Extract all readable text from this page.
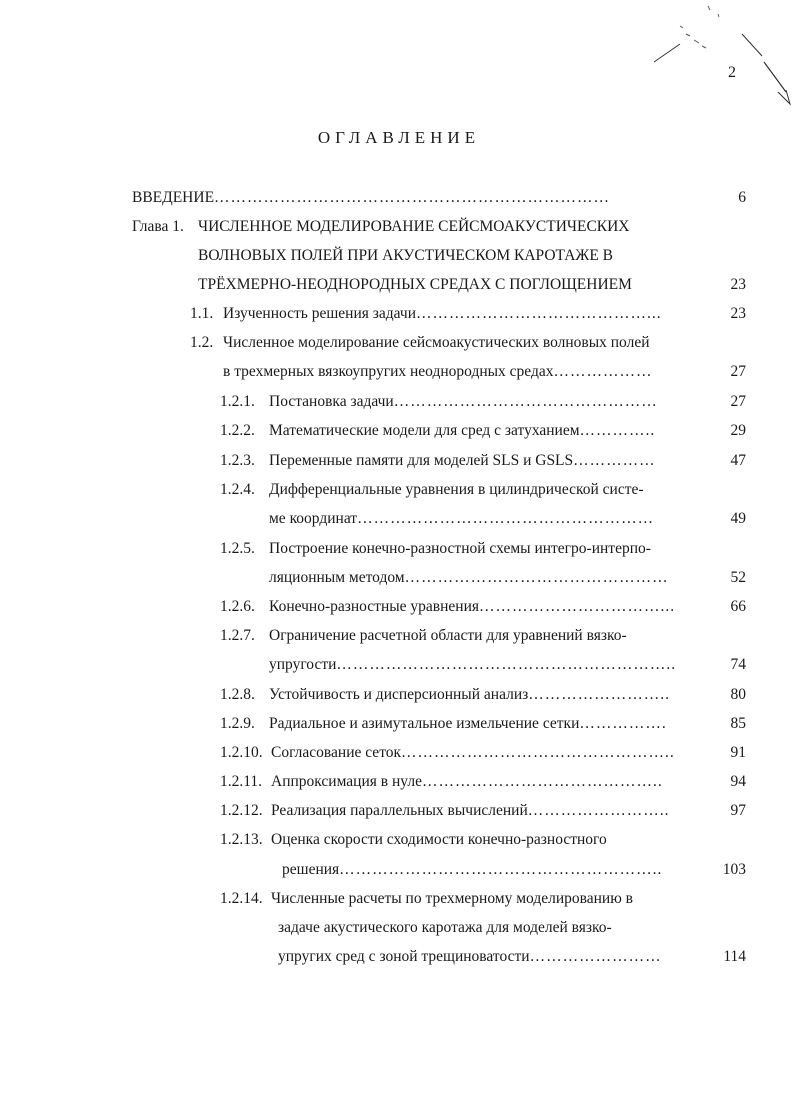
2
ОГЛАВЛЕНИЕ
ВВЕДЕНИЕ………………………………………………………………	6
Глава 1. ЧИСЛЕННОЕ МОДЕЛИРОВАНИЕ СЕЙСМОАКУСТИЧЕСКИХ
ВОЛНОВЫХ ПОЛЕЙ ПРИ АКУСТИЧЕСКОМ КАРОТАЖЕ В
ТРЁХМЕРНО-НЕОДНОРОДНЫХ СРЕДАХ С ПОГЛОЩЕНИЕМ	23
1.1. Изученность решения задачи……………………………………...	23
1.2. Численное моделирование сейсмоакустических волновых полей
в трехмерных вязкоупругих неоднородных средах………………	27
1.2.1. Постановка задачи…………………………………………	27
1.2.2. Математические модели для сред с затуханием…………..	29
1.2.3. Переменные памяти для моделей SLS и GSLS……………	47
1.2.4. Дифференциальные уравнения в цилиндрической систе-
ме координат………………………………………………	49
1.2.5. Построение конечно-разностной схемы интегро-интерпо-
ляционным методом…………………………………………	52
1.2.6. Конечно-разностные уравнения……………………………...	66
1.2.7. Ограничение расчетной области для уравнений вязко-
упругости……………………………………………………..	74
1.2.8. Устойчивость и дисперсионный анализ……………………..	80
1.2.9. Радиальное и азимутальное измельчение сетки…………….	85
1.2.10. Согласование сеток…………………………………………..	91
1.2.11. Аппроксимация в нуле……………………………………..	94
1.2.12. Реализация параллельных вычислений……………………..	97
1.2.13. Оценка скорости сходимости конечно-разностного
решения…………………………………………………..	103
1.2.14. Численные расчеты по трехмерному моделированию в
задаче акустического каротажа для моделей вязко-
упругих сред с зоной трещиноватости……………………	114
